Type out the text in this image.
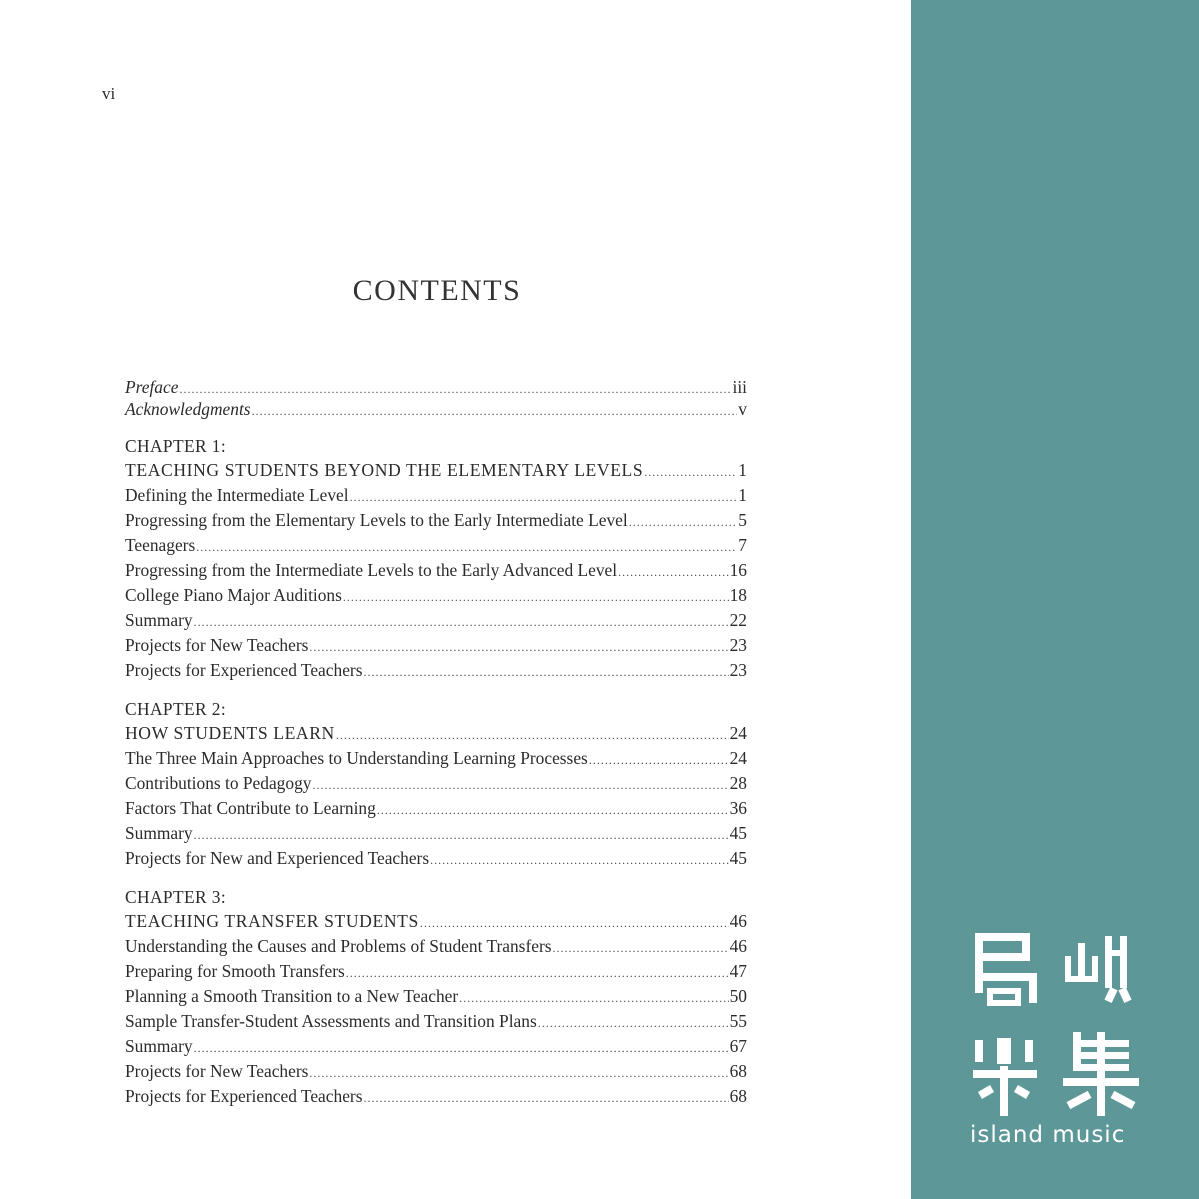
vi
CONTENTS
Preface .....	iii
Acknowledgments .....	v
CHAPTER 1:
TEACHING STUDENTS BEYOND THE ELEMENTARY LEVELS .....	1
Defining the Intermediate Level .....	1
Progressing from the Elementary Levels to the Early Intermediate Level .....	5
Teenagers .....	7
Progressing from the Intermediate Levels to the Early Advanced Level .....	16
College Piano Major Auditions .....	18
Summary .....	22
Projects for New Teachers .....	23
Projects for Experienced Teachers .....	23
CHAPTER 2:
HOW STUDENTS LEARN .....	24
The Three Main Approaches to Understanding Learning Processes .....	24
Contributions to Pedagogy .....	28
Factors That Contribute to Learning .....	36
Summary .....	45
Projects for New and Experienced Teachers .....	45
CHAPTER 3:
TEACHING TRANSFER STUDENTS .....	46
Understanding the Causes and Problems of Student Transfers .....	46
Preparing for Smooth Transfers .....	47
Planning a Smooth Transition to a New Teacher .....	50
Sample Transfer-Student Assessments and Transition Plans .....	55
Summary .....	67
Projects for New Teachers .....	68
Projects for Experienced Teachers .....	68
island music
